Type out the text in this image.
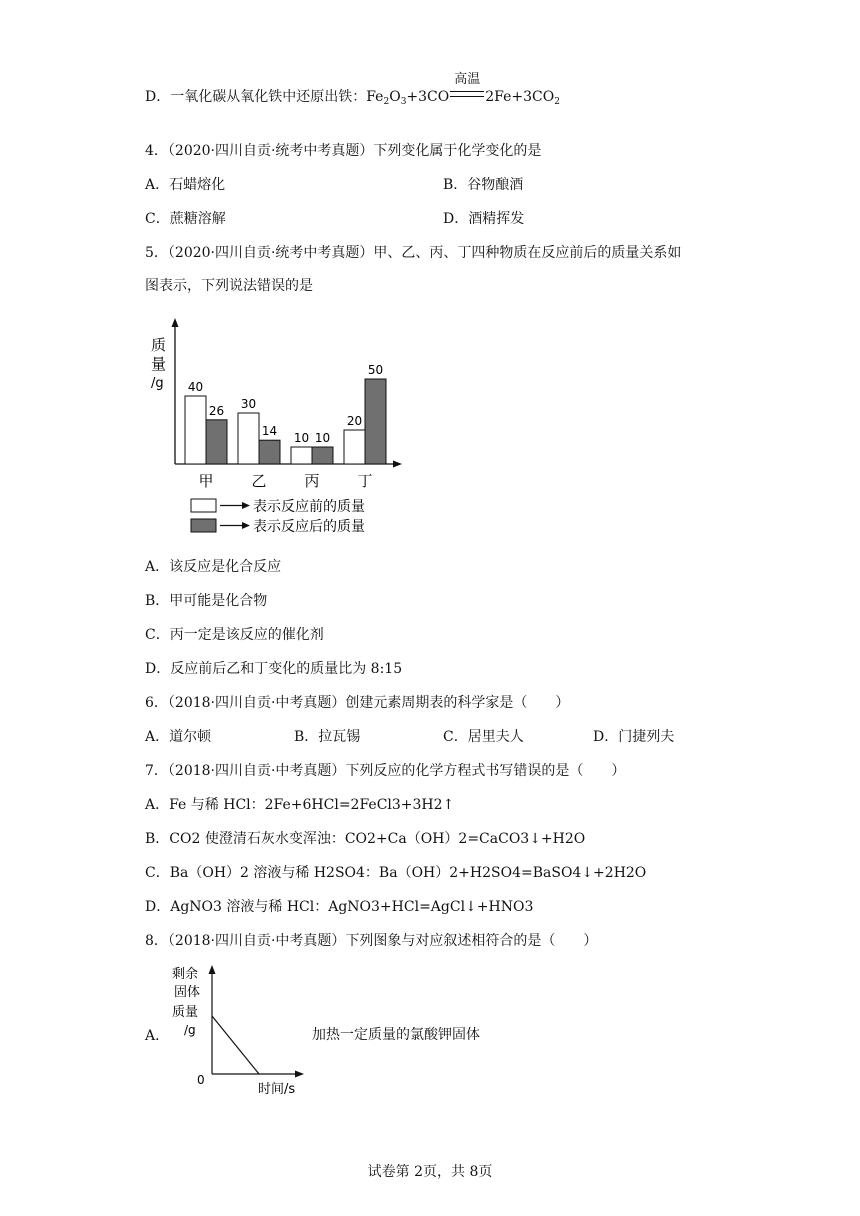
D．一氧化碳从氧化铁中还原出铁：$Fe_2O_3+3CO$
高温
$2Fe+3CO_2$
4．（2020·四川自贡·统考中考真题）下列变化属于化学变化的是
A．石蜡熔化	B．谷物酿酒
C．蔗糖溶解	D．酒精挥发
5．（2020·四川自贡·统考中考真题）甲、乙、丙、丁四种物质在反应前后的质量关系如
图表示，下列说法错误的是
质
量
/g 40
26
甲
30
14
乙
10 10
丙
20
50
丁
表示反应前的质量
表示反应后的质量
A．该反应是化合反应
B．甲可能是化合物
C．丙一定是该反应的催化剂
D．反应前后乙和丁变化的质量比为 8:15
6．（2018·四川自贡·中考真题）创建元素周期表的科学家是（　　）
A．道尔顿	B．拉瓦锡	C．居里夫人	D．门捷列夫
7．（2018·四川自贡·中考真题）下列反应的化学方程式书写错误的是（　　）
A．Fe 与稀 HCl：2Fe+6HCl=2FeCl3+3H2↑
B．CO2 使澄清石灰水变浑浊：CO2+Ca（OH）2=CaCO3↓+H2O
C．Ba（OH）2 溶液与稀 H2SO4：Ba（OH）2+H2SO4=BaSO4↓+2H2O
D．AgNO3 溶液与稀 HCl：AgNO3+HCl=AgCl↓+HNO3
8．（2018·四川自贡·中考真题）下列图象与对应叙述相符合的是（　　）
A．	加热一定质量的氯酸钾固体
剩余
固体
质量
/g
0
时间/s
试卷第 2页，共 8页
